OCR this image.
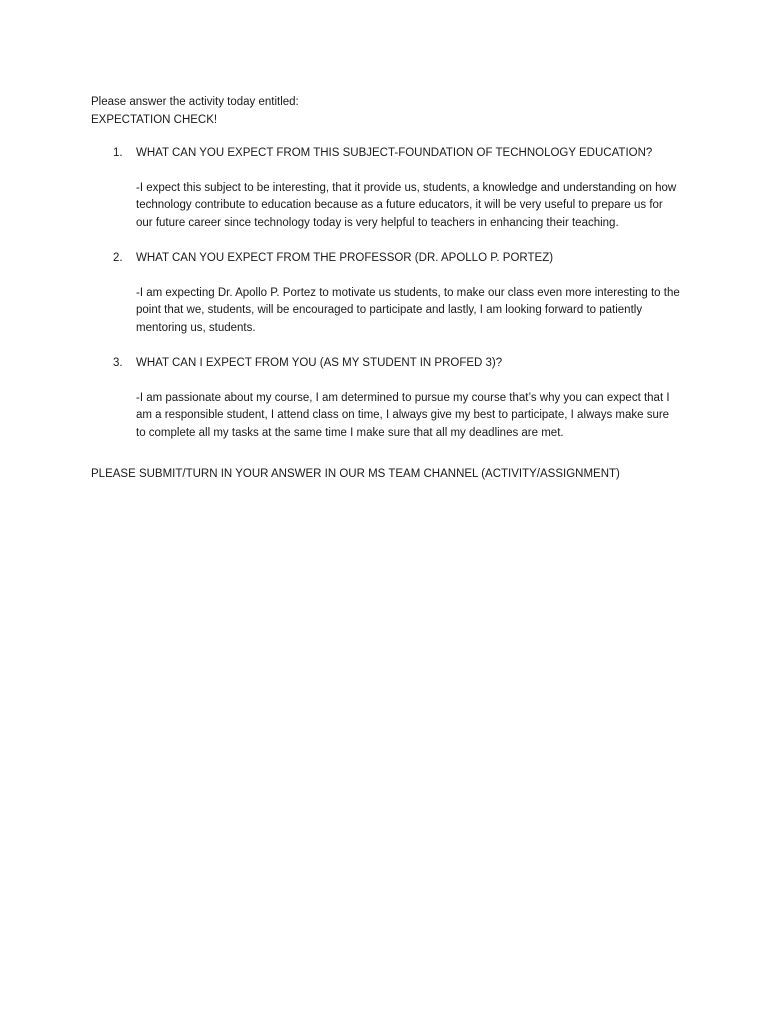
Please answer the activity today entitled:

EXPECTATION CHECK!

1. WHAT CAN YOU EXPECT FROM THIS SUBJECT-FOUNDATION OF TECHNOLOGY EDUCATION?

-I expect this subject to be interesting, that it provide us, students, a knowledge and understanding on how technology contribute to education because as a future educators, it will be very useful to prepare us for our future career since technology today is very helpful to teachers in enhancing their teaching.

2. WHAT CAN YOU EXPECT FROM THE PROFESSOR (DR. APOLLO P. PORTEZ)

-I am expecting Dr. Apollo P. Portez to motivate us students, to make our class even more interesting to the point that we, students, will be encouraged to participate and lastly, I am looking forward to patiently mentoring us, students.

3. WHAT CAN I EXPECT FROM YOU (AS MY STUDENT IN PROFED 3)?

-I am passionate about my course, I am determined to pursue my course that’s why you can expect that I am a responsible student, I attend class on time, I always give my best to participate, I always make sure to complete all my tasks at the same time I make sure that all my deadlines are met.

PLEASE SUBMIT/TURN IN YOUR ANSWER IN OUR MS TEAM CHANNEL (ACTIVITY/ASSIGNMENT)
